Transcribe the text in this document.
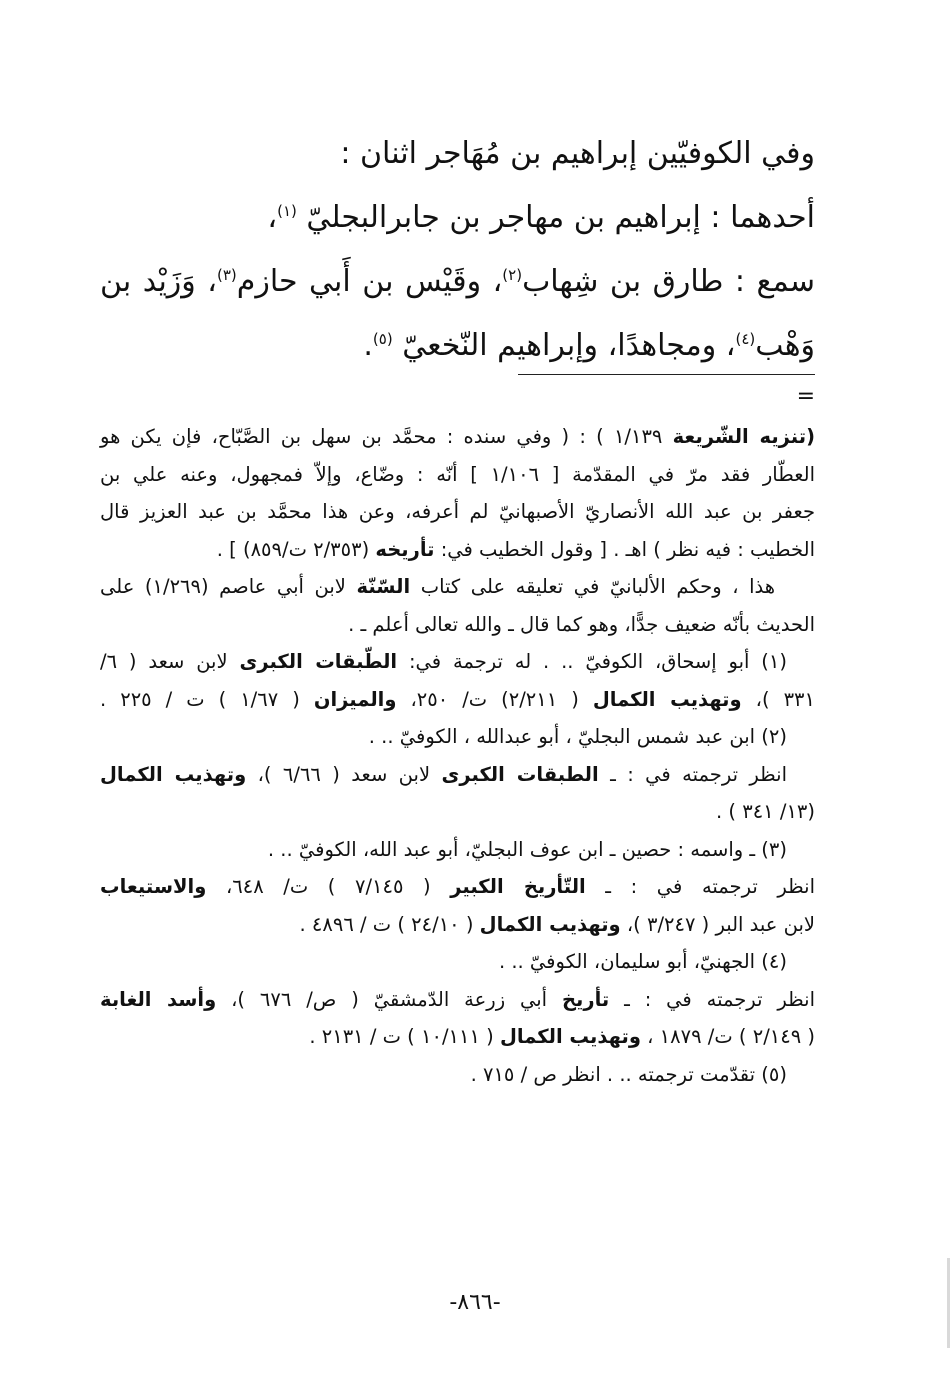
وفي الكوفيّين إبراهيم بن مُهَاجر اثنان :

أحدهما : إبراهيم بن مهاجر بن جابرالبجليّ $^{(١)}$،

سمع : طارق بن شِهاب$^{(٢)}$، وقَيْس بن أَبي حازم$^{(٣)}$، وَزَيْد بن

وَهْب$^{(٤)}$، ومجاهدًا، وإبراهيم النّخعيّ $^{(٥)}$.

=

(تنزيه الشّريعة ١/١٣٩ ) : ( وفي سنده : محمَّد بن سهل بن الصَّبّاح، فإن يكن هو

العطّار فقد مرّ في المقدّمة [ ١/١٠٦ ] أنّه : وضّاع، وإلاّ فمجهول، وعنه علي بن

جعفر بن عبد الله الأنصاريّ الأصبهانيّ لم أعرفه، وعن هذا محمَّد بن عبد العزيز قال

الخطيب : فيه نظر ) اهـ . [ وقول الخطيب في: تأريخه (٢/٣٥٣ ت/٨٥٩) ] .

هذا ، وحكم الألبانيّ في تعليقه على كتاب السّنّة لابن أبي عاصم (١/٢٦٩) على

الحديث بأنّه ضعيف جدًّا، وهو كما قال ـ والله تعالى أعلم ـ .

(١) أبو إسحاق، الكوفيّ .. . له ترجمة في: الطّبقات الكبرى لابن سعد ( ٦/

٣٣١ )، وتهذيب الكمال ( ٢/٢١١) ت/ ٢٥٠، والميزان ( ١/٦٧ ) ت / ٢٢٥ .

(٢) ابن عبد شمس البجليّ ، أبو عبدالله ، الكوفيّ .. .

انظر ترجمته في : ـ الطبقات الكبرى لابن سعد ( ٦/٦٦ )، وتهذيب الكمال

(١٣/ ٣٤١ ) .

(٣) ـ واسمه : حصين ـ ابن عوف البجليّ، أبو عبد الله، الكوفيّ .. .

انظر ترجمته في : ـ التّأريخ الكبير ( ٧/١٤٥ ) ت/ ٦٤٨، والاستيعاب

لابن عبد البر ( ٣/٢٤٧ )، وتهذيب الكمال ( ٢٤/١٠ ) ت / ٤٨٩٦ .

(٤) الجهنيّ، أبو سليمان، الكوفيّ .. .

انظر ترجمته في : ـ تأريخ أبي زرعة الدّمشقيّ ( ص/ ٦٧٦ )، وأسد الغابة

( ٢/١٤٩ ) ت/ ١٨٧٩ ، وتهذيب الكمال ( ١٠/١١١ ) ت / ٢١٣١ .

(٥) تقدّمت ترجمته .. . انظر ص / ٧١٥ .

-٨٦٦-
